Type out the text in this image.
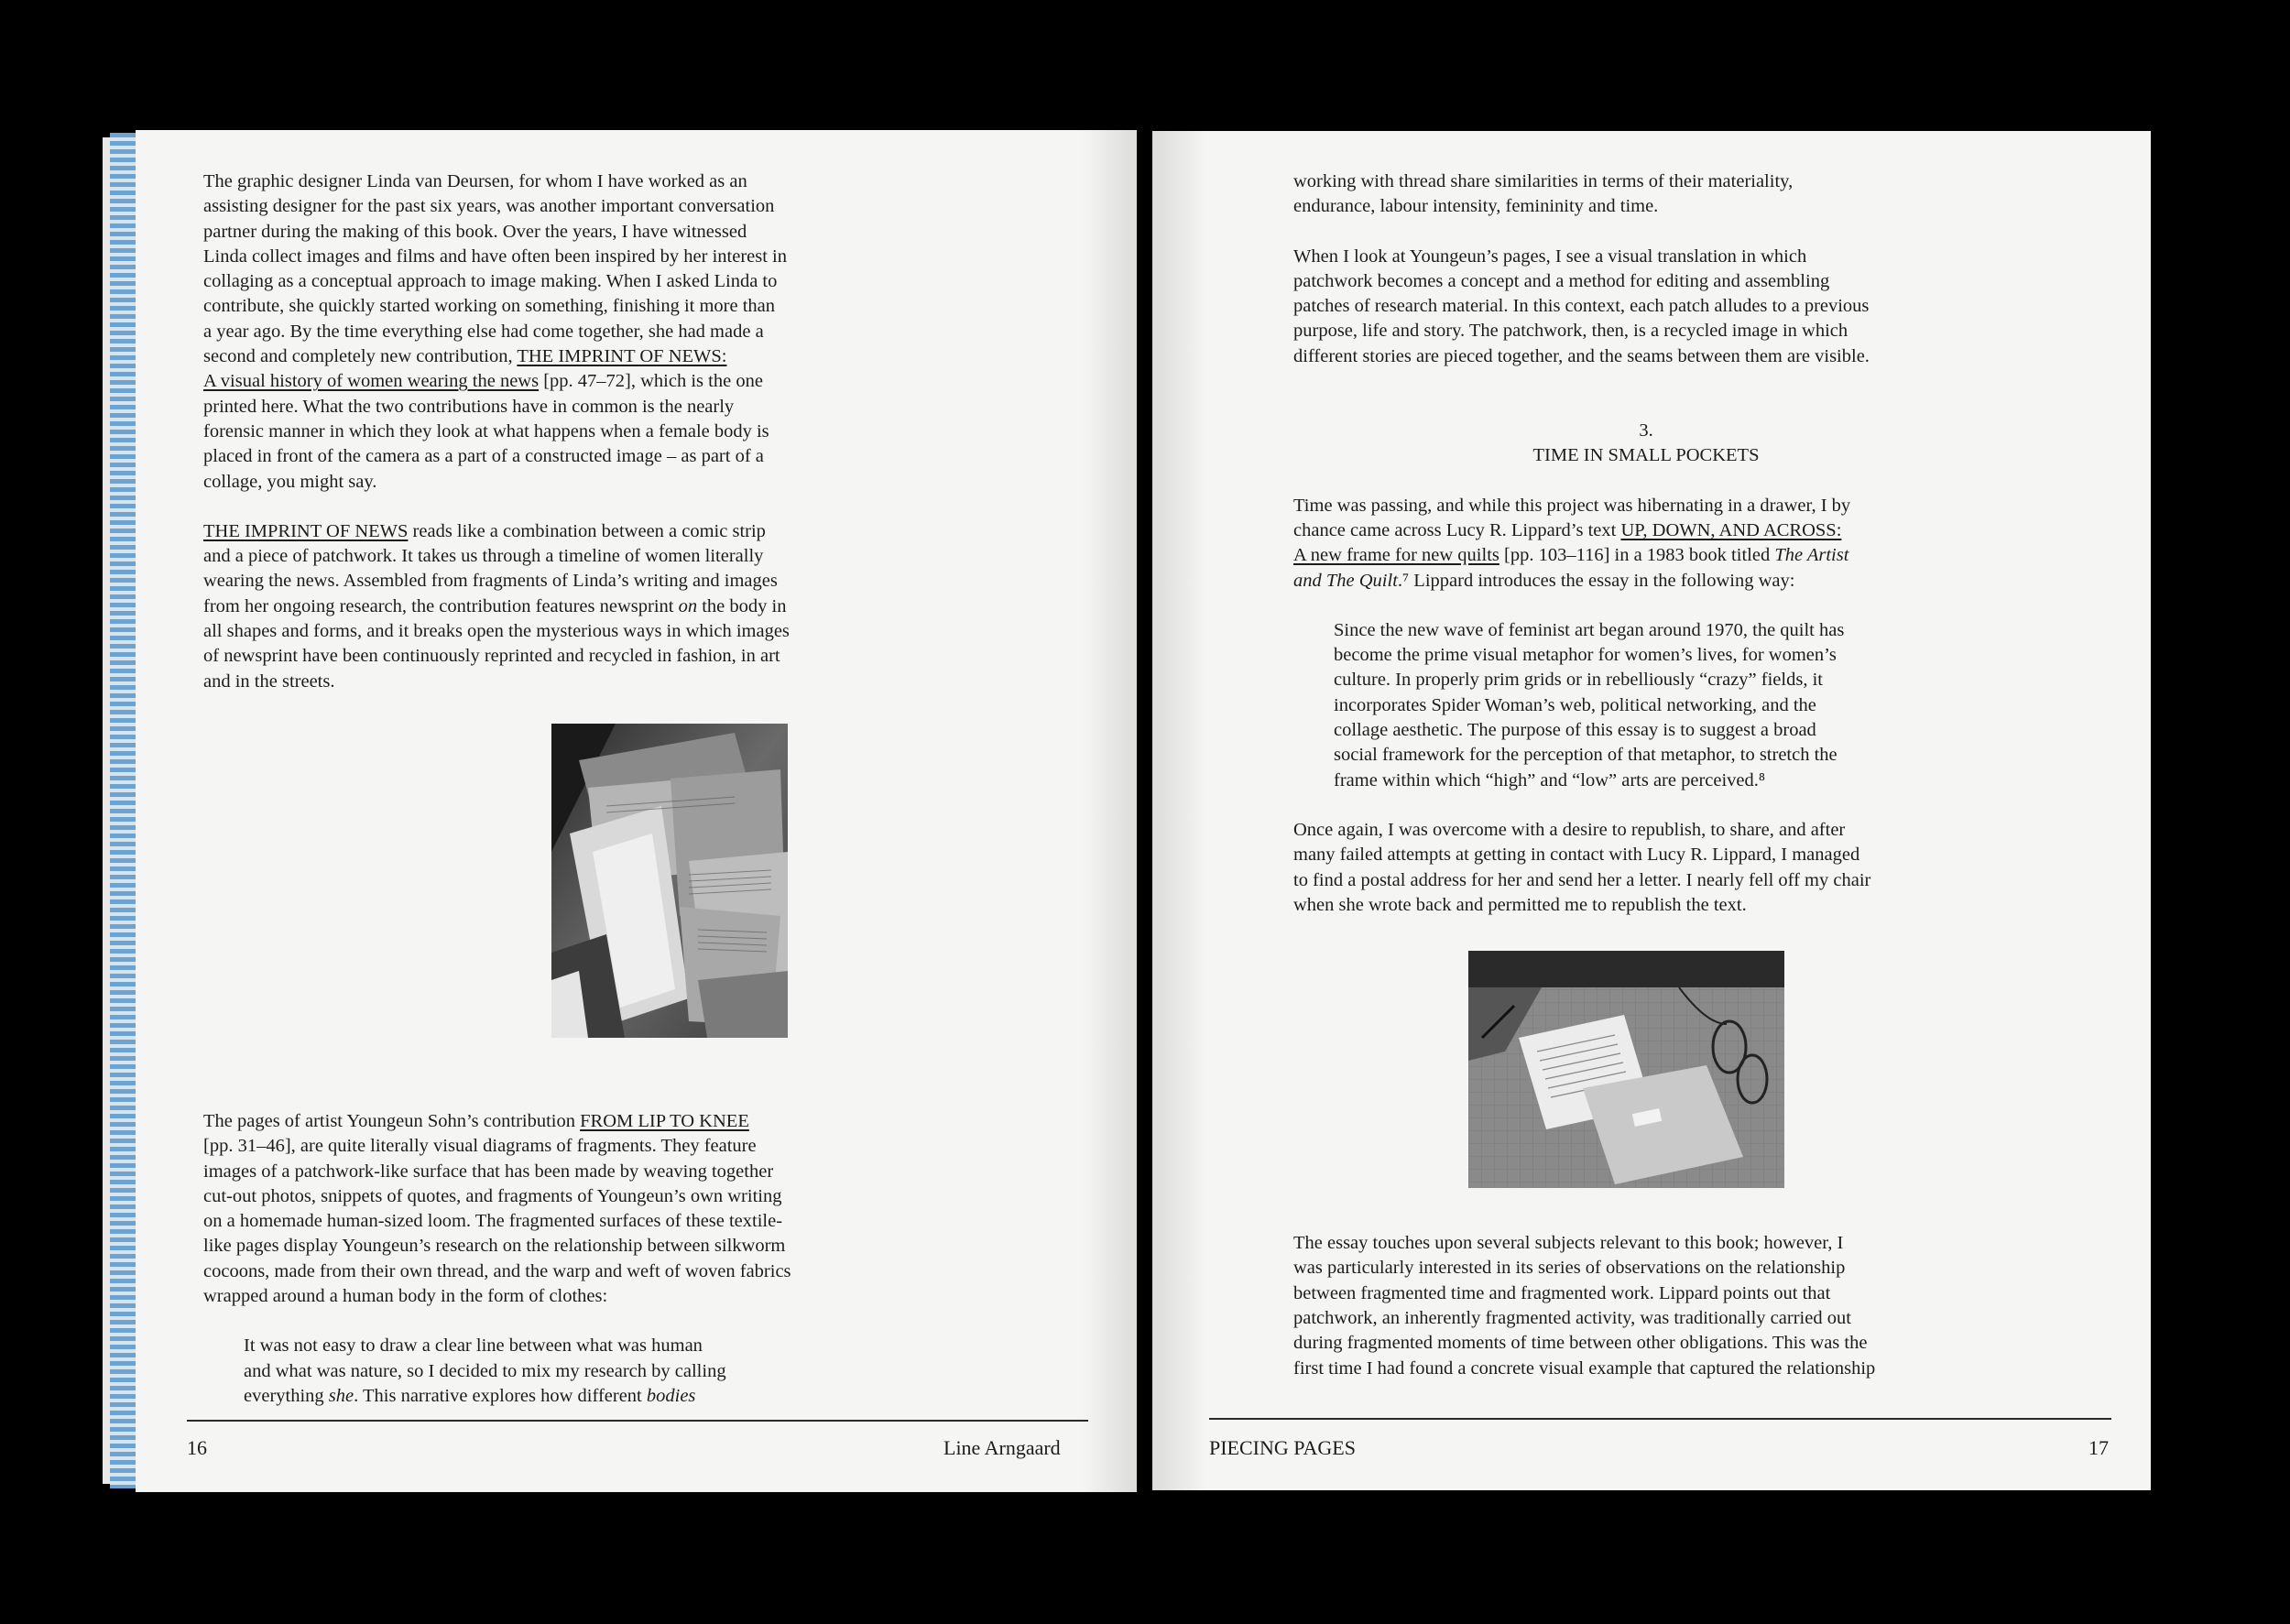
The graphic designer Linda van Deursen, for whom I have worked as an
assisting designer for the past six years, was another important conversation
partner during the making of this book. Over the years, I have witnessed
Linda collect images and films and have often been inspired by her interest in
collaging as a conceptual approach to image making. When I asked Linda to
contribute, she quickly started working on something, finishing it more than
a year ago. By the time everything else had come together, she had made a
second and completely new contribution, THE IMPRINT OF NEWS:
A visual history of women wearing the news [pp. 47–72], which is the one
printed here. What the two contributions have in common is the nearly
forensic manner in which they look at what happens when a female body is
placed in front of the camera as a part of a constructed image – as part of a
collage, you might say.

THE IMPRINT OF NEWS reads like a combination between a comic strip
and a piece of patchwork. It takes us through a timeline of women literally
wearing the news. Assembled from fragments of Linda’s writing and images
from her ongoing research, the contribution features newsprint on the body in
all shapes and forms, and it breaks open the mysterious ways in which images
of newsprint have been continuously reprinted and recycled in fashion, in art
and in the streets.

The pages of artist Youngeun Sohn’s contribution FROM LIP TO KNEE
[pp. 31–46], are quite literally visual diagrams of fragments. They feature
images of a patchwork-like surface that has been made by weaving together
cut-out photos, snippets of quotes, and fragments of Youngeun’s own writing
on a homemade human-sized loom. The fragmented surfaces of these textile-
like pages display Youngeun’s research on the relationship between silkworm
cocoons, made from their own thread, and the warp and weft of woven fabrics
wrapped around a human body in the form of clothes:

It was not easy to draw a clear line between what was human
and what was nature, so I decided to mix my research by calling
everything she. This narrative explores how different bodies

working with thread share similarities in terms of their materiality,
endurance, labour intensity, femininity and time.

When I look at Youngeun’s pages, I see a visual translation in which
patchwork becomes a concept and a method for editing and assembling
patches of research material. In this context, each patch alludes to a previous
purpose, life and story. The patchwork, then, is a recycled image in which
different stories are pieced together, and the seams between them are visible.

3.

TIME IN SMALL POCKETS

Time was passing, and while this project was hibernating in a drawer, I by
chance came across Lucy R. Lippard’s text UP, DOWN, AND ACROSS:
A new frame for new quilts [pp. 103–116] in a 1983 book titled The Artist
and The Quilt.⁷ Lippard introduces the essay in the following way:

Since the new wave of feminist art began around 1970, the quilt has
become the prime visual metaphor for women’s lives, for women’s
culture. In properly prim grids or in rebelliously “crazy” fields, it
incorporates Spider Woman’s web, political networking, and the
collage aesthetic. The purpose of this essay is to suggest a broad
social framework for the perception of that metaphor, to stretch the
frame within which “high” and “low” arts are perceived.⁸

Once again, I was overcome with a desire to republish, to share, and after
many failed attempts at getting in contact with Lucy R. Lippard, I managed
to find a postal address for her and send her a letter. I nearly fell off my chair
when she wrote back and permitted me to republish the text.

The essay touches upon several subjects relevant to this book; however, I
was particularly interested in its series of observations on the relationship
between fragmented time and fragmented work. Lippard points out that
patchwork, an inherently fragmented activity, was traditionally carried out
during fragmented moments of time between other obligations. This was the
first time I had found a concrete visual example that captured the relationship

16	Line Arngaard	PIECING PAGES	17
